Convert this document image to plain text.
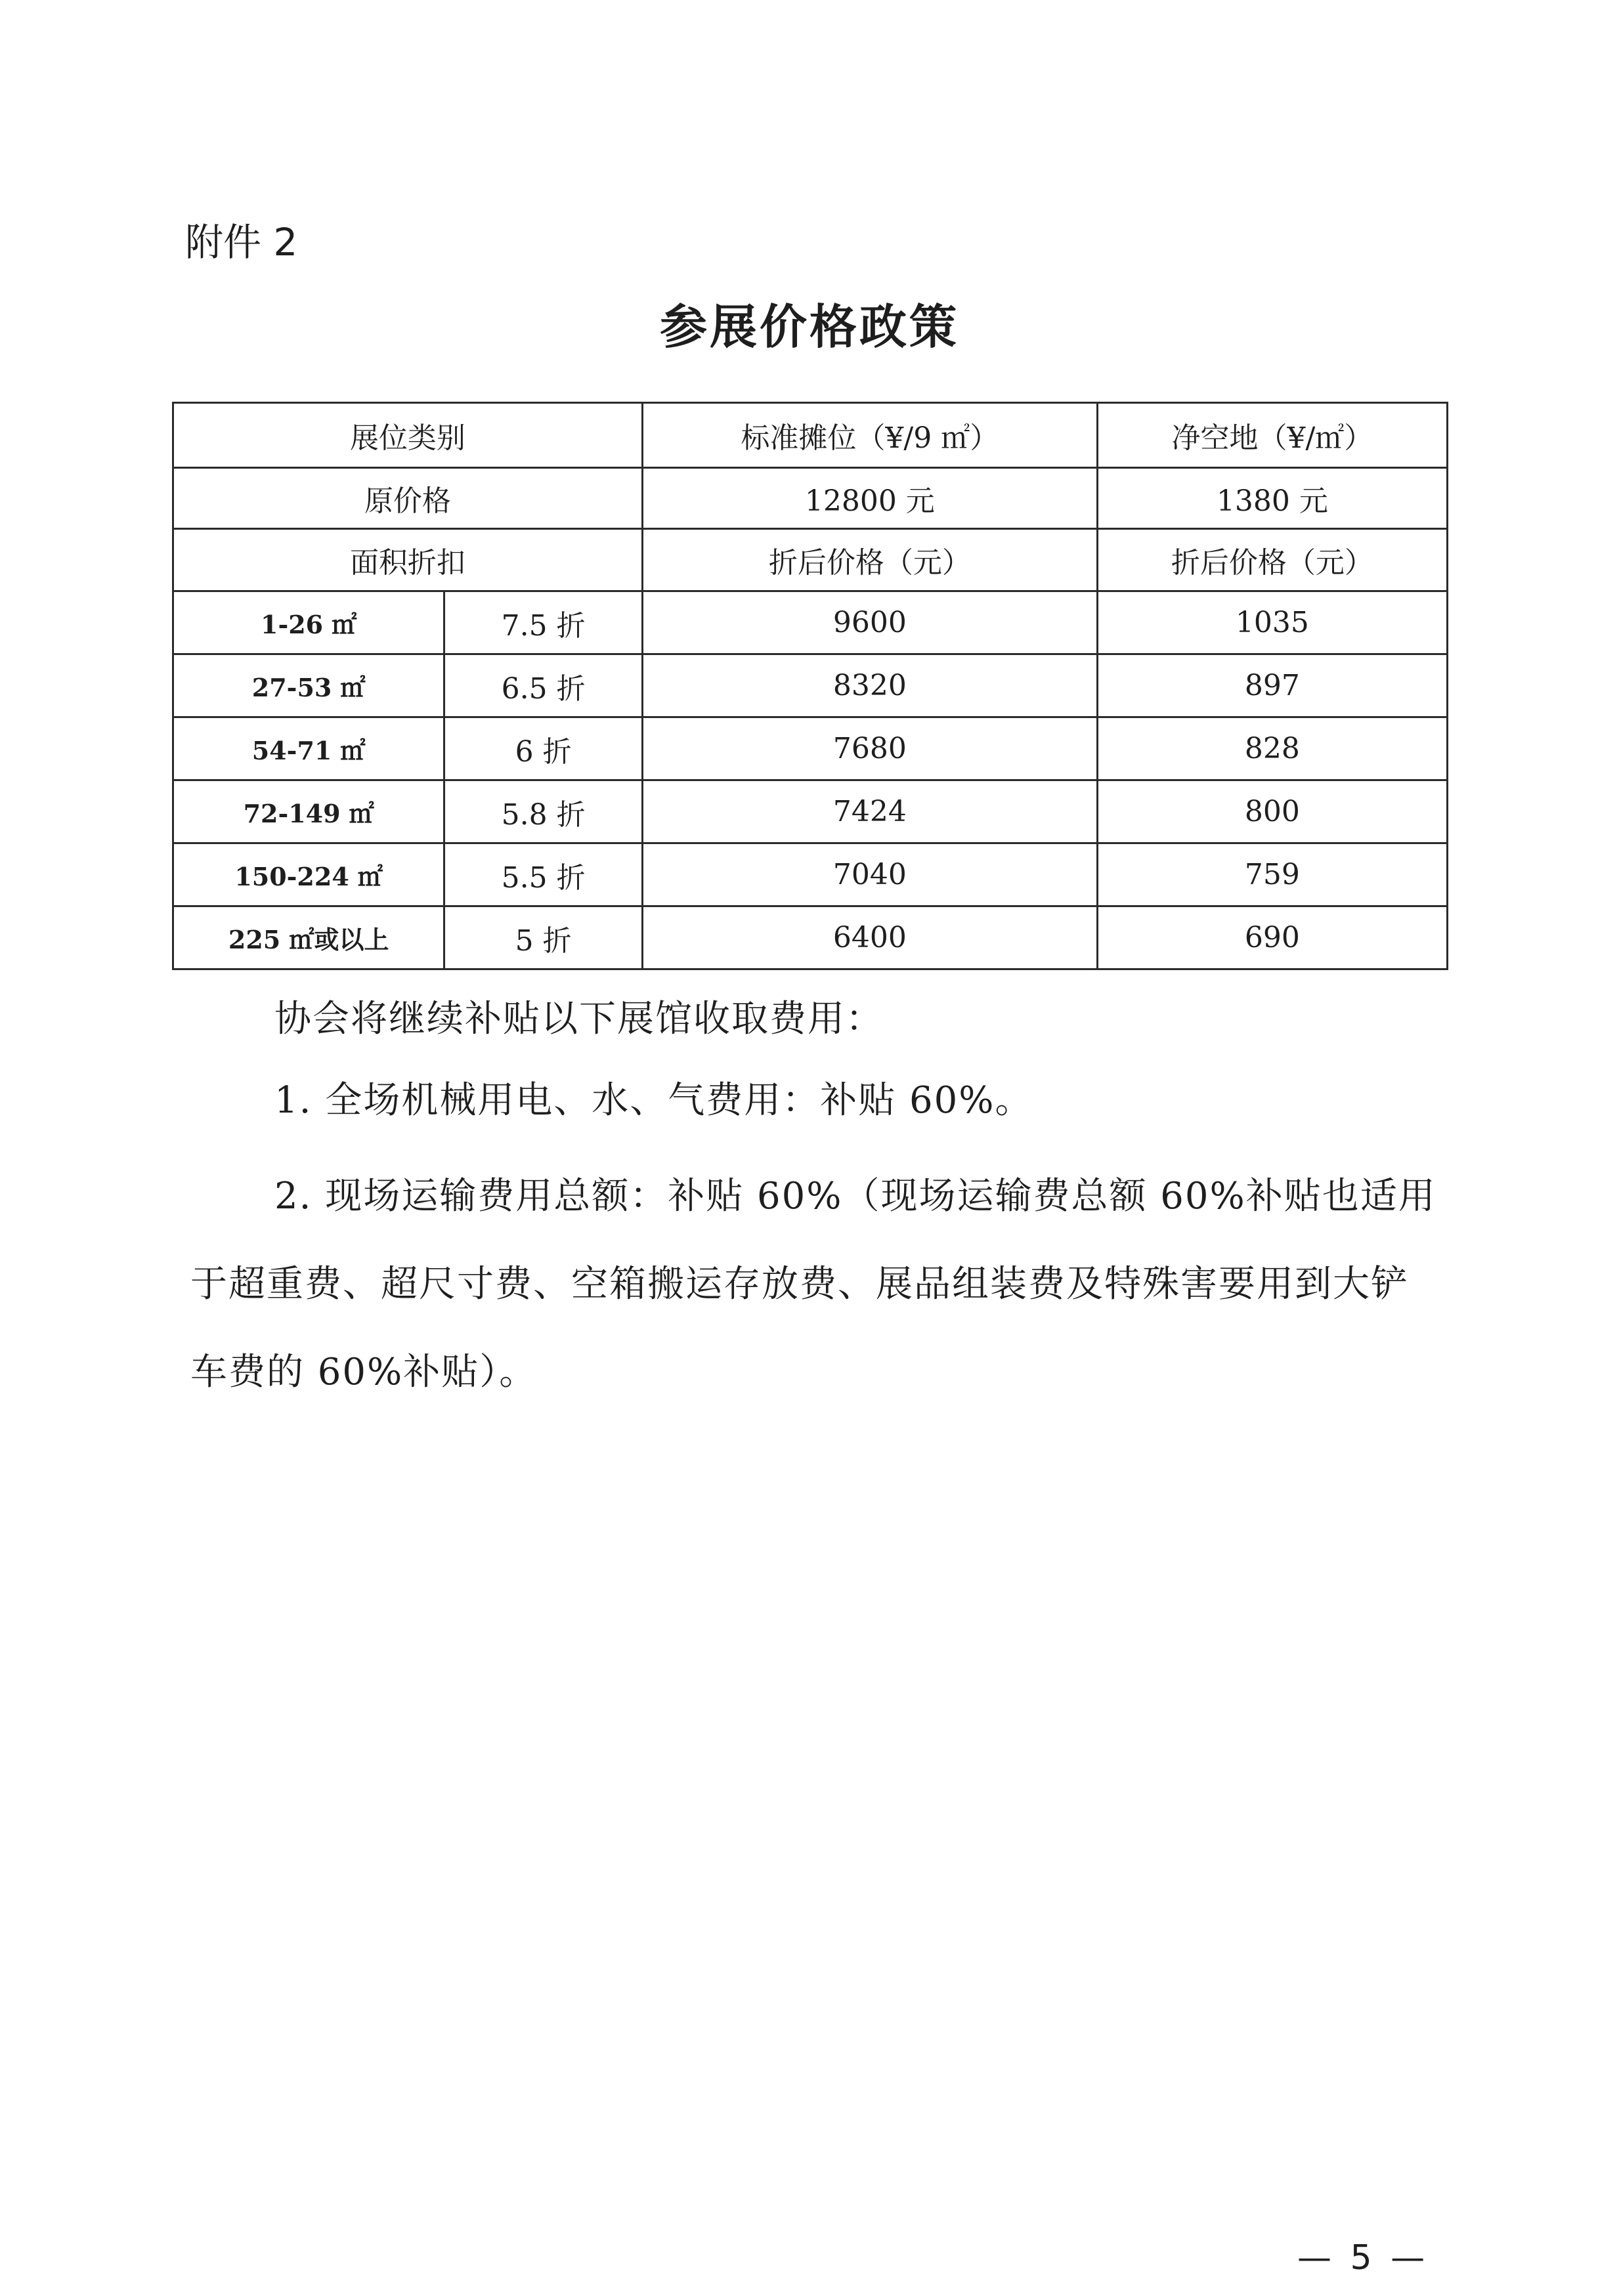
附件 2
参展价格政策
展位类别		标准摊位（¥/9 ㎡）	净空地（¥/㎡）
原价格		12800 元	1380 元
面积折扣		折后价格（元）	折后价格（元）
1-26 ㎡	7.5 折	9600	1035
27-53 ㎡	6.5 折	8320	897
54-71 ㎡	6 折	7680	828
72-149 ㎡	5.8 折	7424	800
150-224 ㎡	5.5 折	7040	759
225 ㎡或以上	5 折	6400	690

协会将继续补贴以下展馆收取费用：

1. 全场机械用电、水、气费用：补贴 60%。

2. 现场运输费用总额：补贴 60%（现场运输费总额 60%补贴也适用于超重费、超尺寸费、空箱搬运存放费、展品组装费及特殊害要用到大铲车费的 60%补贴）。

— 5 —
